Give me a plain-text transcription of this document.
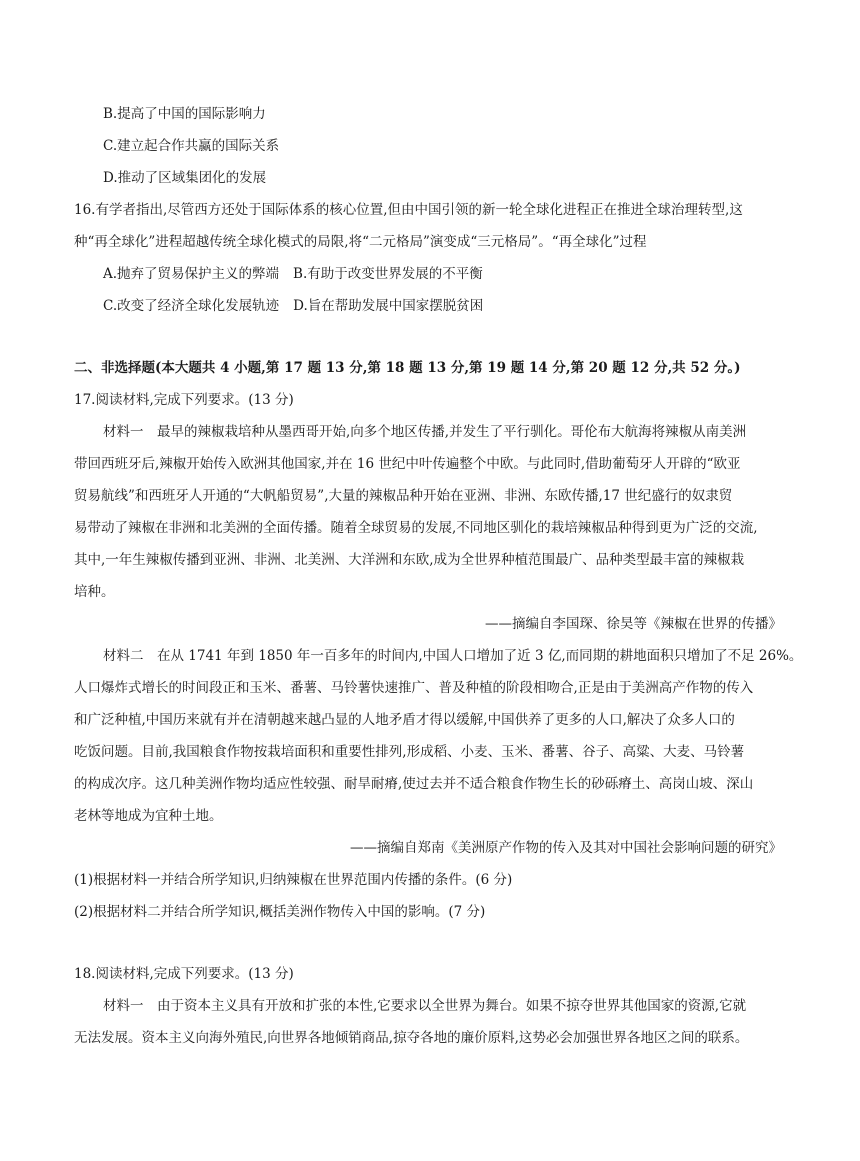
B.提高了中国的国际影响力
C.建立起合作共赢的国际关系
D.推动了区域集团化的发展
16.有学者指出,尽管西方还处于国际体系的核心位置,但由中国引领的新一轮全球化进程正在推进全球治理转型,这
种“再全球化”进程超越传统全球化模式的局限,将“二元格局”演变成“三元格局”。“再全球化”过程
A.抛弃了贸易保护主义的弊端 B.有助于改变世界发展的不平衡
C.改变了经济全球化发展轨迹 D.旨在帮助发展中国家摆脱贫困
二、非选择题(本大题共 4 小题,第 17 题 13 分,第 18 题 13 分,第 19 题 14 分,第 20 题 12 分,共 52 分。)
17.阅读材料,完成下列要求。(13 分)
材料一　最早的辣椒栽培种从墨西哥开始,向多个地区传播,并发生了平行驯化。哥伦布大航海将辣椒从南美洲
带回西班牙后,辣椒开始传入欧洲其他国家,并在 16 世纪中叶传遍整个中欧。与此同时,借助葡萄牙人开辟的“欧亚
贸易航线”和西班牙人开通的“大帆船贸易”,大量的辣椒品种开始在亚洲、非洲、东欧传播,17 世纪盛行的奴隶贸
易带动了辣椒在非洲和北美洲的全面传播。随着全球贸易的发展,不同地区驯化的栽培辣椒品种得到更为广泛的交流,
其中,一年生辣椒传播到亚洲、非洲、北美洲、大洋洲和东欧,成为全世界种植范围最广、品种类型最丰富的辣椒栽
培种。
——摘编自李国琛、徐昊等《辣椒在世界的传播》
材料二　在从 1741 年到 1850 年一百多年的时间内,中国人口增加了近 3 亿,而同期的耕地面积只增加了不足 26%。
人口爆炸式增长的时间段正和玉米、番薯、马铃薯快速推广、普及种植的阶段相吻合,正是由于美洲高产作物的传入
和广泛种植,中国历来就有并在清朝越来越凸显的人地矛盾才得以缓解,中国供养了更多的人口,解决了众多人口的
吃饭问题。目前,我国粮食作物按栽培面积和重要性排列,形成稻、小麦、玉米、番薯、谷子、高粱、大麦、马铃薯
的构成次序。这几种美洲作物均适应性较强、耐旱耐瘠,使过去并不适合粮食作物生长的砂砾瘠土、高岗山坡、深山
老林等地成为宜种土地。
——摘编自郑南《美洲原产作物的传入及其对中国社会影响问题的研究》
(1)根据材料一并结合所学知识,归纳辣椒在世界范围内传播的条件。(6 分)
(2)根据材料二并结合所学知识,概括美洲作物传入中国的影响。(7 分)
18.阅读材料,完成下列要求。(13 分)
材料一　由于资本主义具有开放和扩张的本性,它要求以全世界为舞台。如果不掠夺世界其他国家的资源,它就
无法发展。资本主义向海外殖民,向世界各地倾销商品,掠夺各地的廉价原料,这势必会加强世界各地区之间的联系。
